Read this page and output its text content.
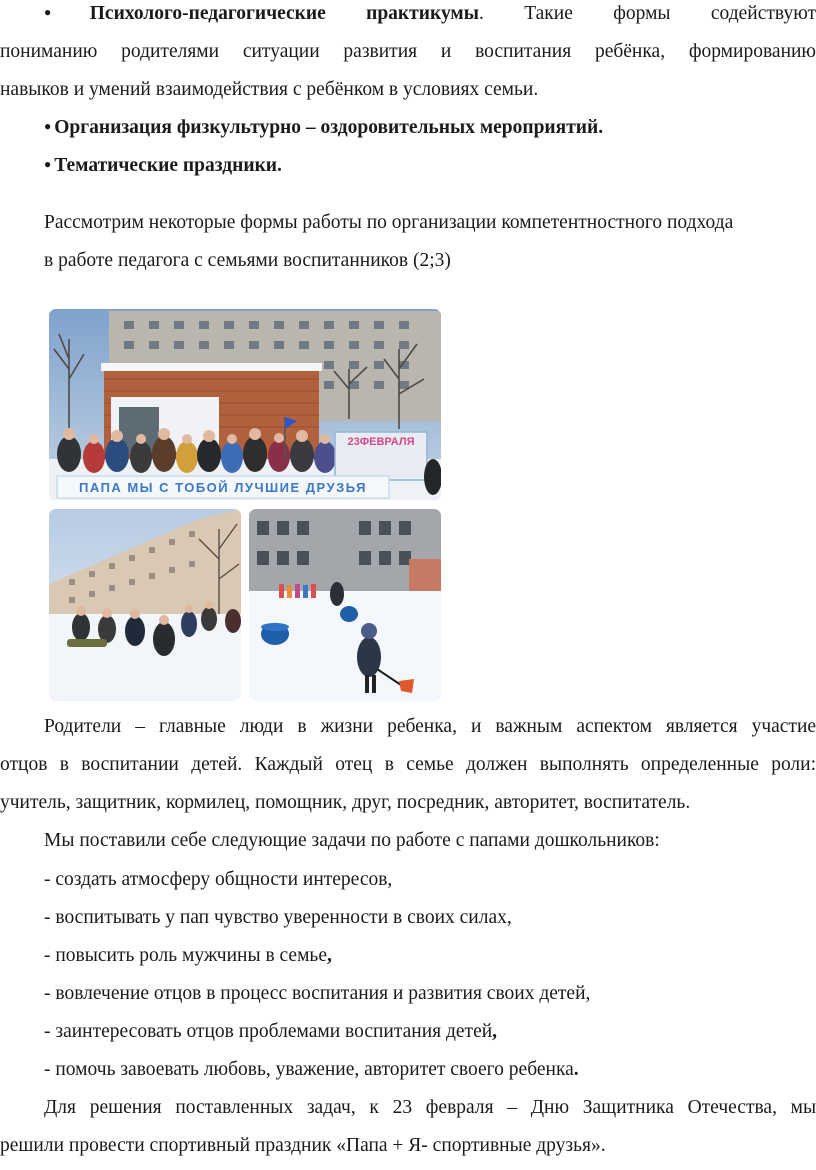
● Психолого-педагогические практикумы. Такие формы содействуют
пониманию родителями ситуации развития и воспитания ребёнка, формированию
навыков и умений взаимодействия с ребёнком в условиях семьи.
● Организация физкультурно – оздоровительных мероприятий.
● Тематические праздники.
Рассмотрим некоторые формы работы по организации компетентностного подхода
в работе педагога с семьями воспитанников (2;3)
23ФЕВРАЛЯ
ПАПА МЫ С ТОБОЙ ЛУЧШИЕ ДРУЗЬЯ
Родители – главные люди в жизни ребенка, и важным аспектом является участие
отцов в воспитании детей. Каждый отец в семье должен выполнять определенные роли:
учитель, защитник, кормилец, помощник, друг, посредник, авторитет, воспитатель.
Мы поставили себе следующие задачи по работе с папами дошкольников:
- создать атмосферу общности интересов,
- воспитывать у пап чувство уверенности в своих силах,
- повысить роль мужчины в семье,
- вовлечение отцов в процесс воспитания и развития своих детей,
- заинтересовать отцов проблемами воспитания детей,
- помочь завоевать любовь, уважение, авторитет своего ребенка.
Для решения поставленных задач, к 23 февраля – Дню Защитника Отечества, мы
решили провести спортивный праздник «Папа + Я- спортивные друзья».
